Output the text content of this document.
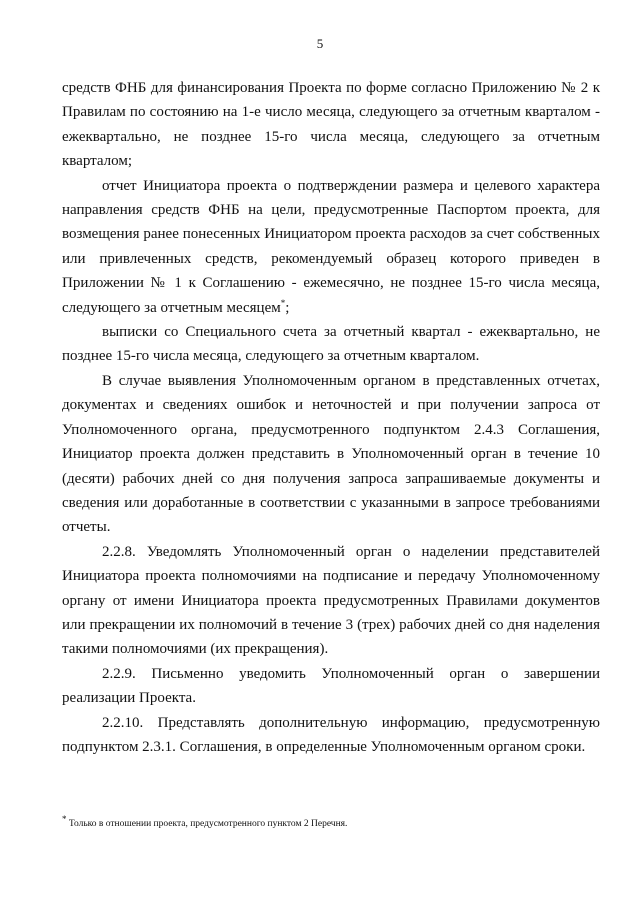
5

средств ФНБ для финансирования Проекта по форме согласно Приложению № 2 к Правилам по состоянию на 1-е число месяца, следующего за отчетным кварталом - ежеквартально, не позднее 15-го числа месяца, следующего за отчетным кварталом;

отчет Инициатора проекта о подтверждении размера и целевого характера направления средств ФНБ на цели, предусмотренные Паспортом проекта, для возмещения ранее понесенных Инициатором проекта расходов за счет собственных или привлеченных средств, рекомендуемый образец которого приведен в Приложении № 1 к Соглашению - ежемесячно, не позднее 15-го числа месяца, следующего за отчетным месяцем*;

выписки со Специального счета за отчетный квартал - ежеквартально, не позднее 15-го числа месяца, следующего за отчетным кварталом.

В случае выявления Уполномоченным органом в представленных отчетах, документах и сведениях ошибок и неточностей и при получении запроса от Уполномоченного органа, предусмотренного подпунктом 2.4.3 Соглашения, Инициатор проекта должен представить в Уполномоченный орган в течение 10 (десяти) рабочих дней со дня получения запроса запрашиваемые документы и сведения или доработанные в соответствии с указанными в запросе требованиями отчеты.

2.2.8. Уведомлять Уполномоченный орган о наделении представителей Инициатора проекта полномочиями на подписание и передачу Уполномоченному органу от имени Инициатора проекта предусмотренных Правилами документов или прекращении их полномочий в течение 3 (трех) рабочих дней со дня наделения такими полномочиями (их прекращения).

2.2.9. Письменно уведомить Уполномоченный орган о завершении реализации Проекта.

2.2.10. Представлять дополнительную информацию, предусмотренную подпунктом 2.3.1. Соглашения, в определенные Уполномоченным органом сроки.

* Только в отношении проекта, предусмотренного пунктом 2 Перечня.
